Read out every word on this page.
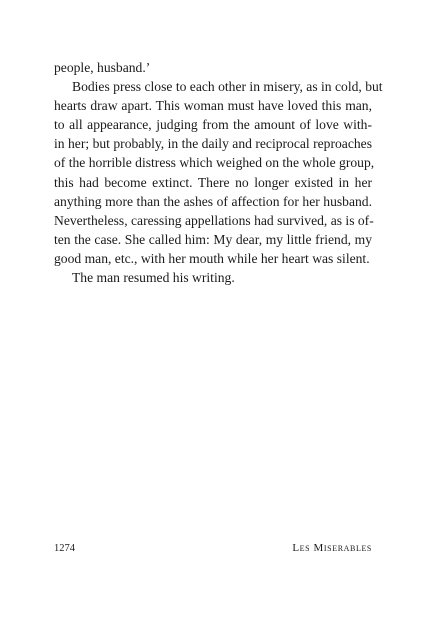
people, husband.’
Bodies press close to each other in misery, as in cold, but
hearts draw apart. This woman must have loved this man,
to all appearance, judging from the amount of love with-
in her; but probably, in the daily and reciprocal reproaches
of the horrible distress which weighed on the whole group,
this had become extinct. There no longer existed in her
anything more than the ashes of affection for her husband.
Nevertheless, caressing appellations had survived, as is of-
ten the case. She called him: My dear, my little friend, my
good man, etc., with her mouth while her heart was silent.
The man resumed his writing.
1274	Les Miserables
